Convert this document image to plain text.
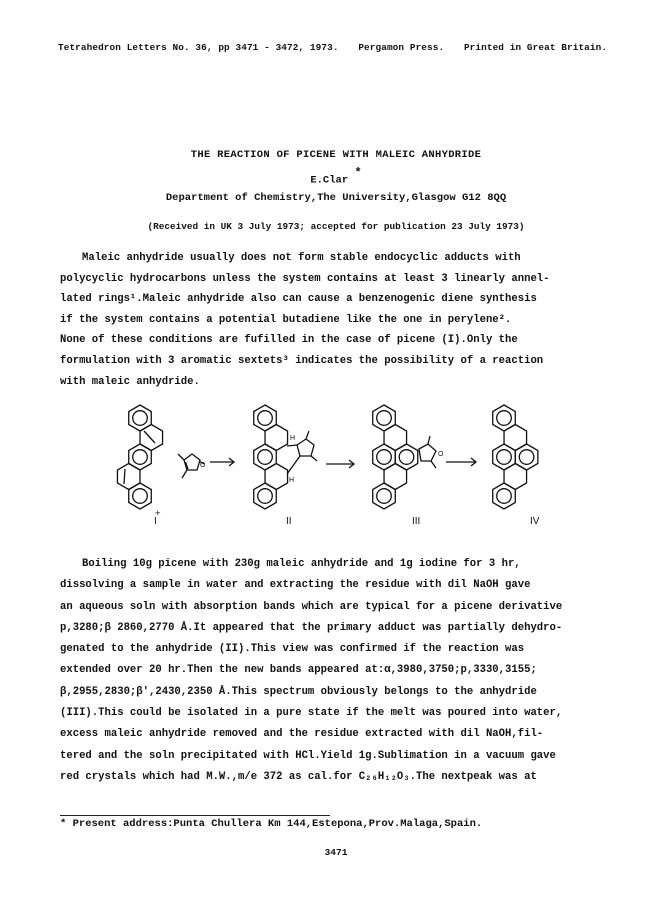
Tetrahedron Letters No. 36, pp 3471 - 3472, 1973. Pergamon Press. Printed in Great Britain.
THE REACTION OF PICENE WITH MALEIC ANHYDRIDE
E.Clar *
Department of Chemistry,The University,Glasgow G12 8QQ
(Received in UK 3 July 1973; accepted for publication 23 July 1973)
Maleic anhydride usually does not form stable endocyclic adducts with
polycyclic hydrocarbons unless the system contains at least 3 linearly annel-
lated rings¹.Maleic anhydride also can cause a benzenogenic diene synthesis
if the system contains a potential butadiene like the one in perylene².
None of these conditions are fufilled in the case of picene (I).Only the
formulation with 3 aromatic sextets³ indicates the possibility of a reaction
with maleic anhydride.
+
O
H
H
O
I	II	III	IV
Boiling 10g picene with 230g maleic anhydride and 1g iodine for 3 hr,
dissolving a sample in water and extracting the residue with dil NaOH gave
an aqueous soln with absorption bands which are typical for a picene derivative
p,3280;β 2860,2770 Å.It appeared that the primary adduct was partially dehydro-
genated to the anhydride (II).This view was confirmed if the reaction was
extended over 20 hr.Then the new bands appeared at:α,3980,3750;p,3330,3155;
β,2955,2830;β',2430,2350 Å.This spectrum obviously belongs to the anhydride
(III).This could be isolated in a pure state if the melt was poured into water,
excess maleic anhydride removed and the residue extracted with dil NaOH,fil-
tered and the soln precipitated with HCl.Yield 1g.Sublimation in a vacuum gave
red crystals which had M.W.,m/e 372 as cal.for C₂₆H₁₂O₃.The nextpeak was at
* Present address:Punta Chullera Km 144,Estepona,Prov.Malaga,Spain.
3471
